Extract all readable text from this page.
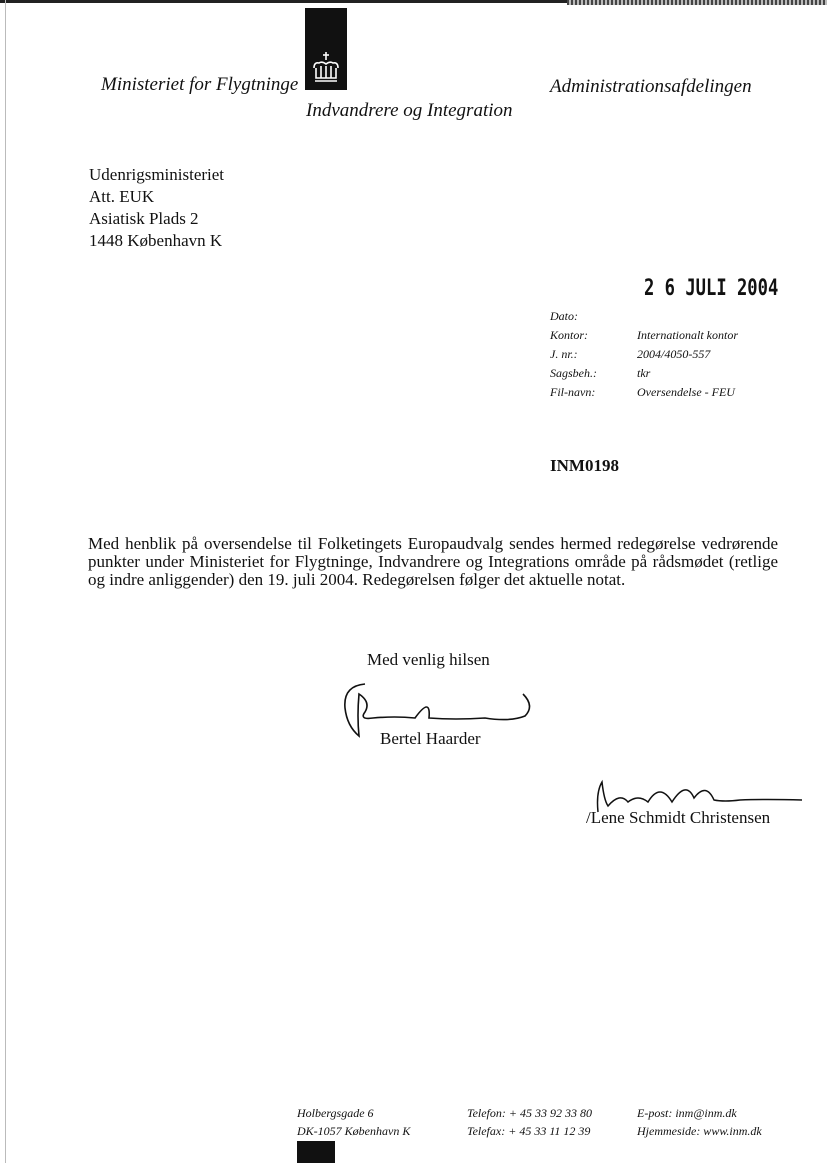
Ministeriet for Flygtninge	Administrationsafdelingen
Indvandrere og Integration
Udenrigsministeriet
Att. EUK
Asiatisk Plads 2
1448 København K
2 6 JULI 2004
Dato:
Kontor:	Internationalt kontor
J. nr.:	2004/4050-557
Sagsbeh.:	tkr
Fil-navn:	Oversendelse - FEU
INM0198
Med henblik på oversendelse til Folketingets Europaudvalg sendes hermed redegørelse vedrørende punkter under Ministeriet for Flygtninge, Indvandrere og Integrations område på rådsmødet (retlige og indre anliggender) den 19. juli 2004. Redegørelsen følger det aktuelle notat.
Med venlig hilsen
Bertel Haarder
/Lene Schmidt Christensen
Holbergsgade 6
DK-1057 København K
Telefon: + 45 33 92 33 80
Telefax: + 45 33 11 12 39
E-post: inm@inm.dk
Hjemmeside: www.inm.dk
